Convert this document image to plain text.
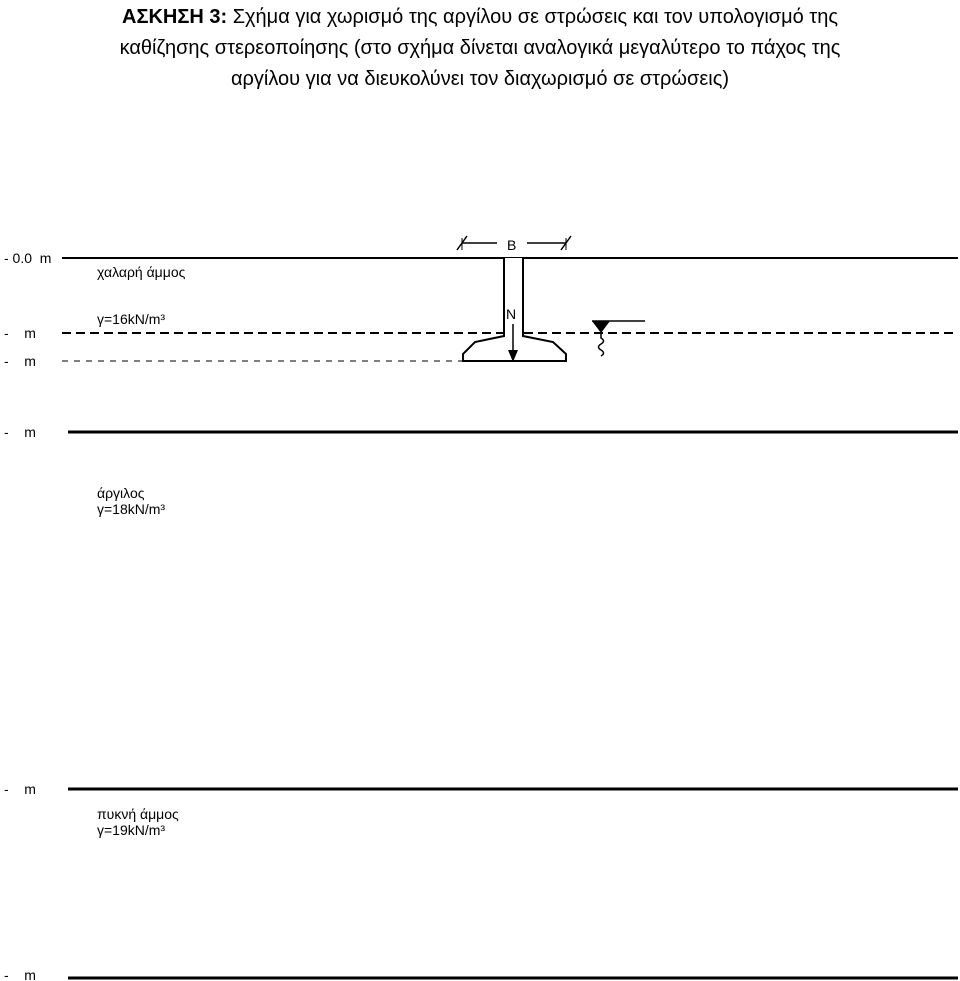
ΑΣΚΗΣΗ 3: Σχήμα για χωρισμό της αργίλου σε στρώσεις και τον υπολογισμό της
καθίζησης στερεοποίησης (στο σχήμα δίνεται αναλογικά μεγαλύτερο το πάχος της
αργίλου για να διευκολύνει τον διαχωρισμό σε στρώσεις)
- 0.0  m
-    m
-    m
-    m
-    m
-    m
χαλαρή άμμος
γ=16kN/m³
άργιλος
γ=18kN/m³
πυκνή άμμος
γ=19kN/m³
B
N
